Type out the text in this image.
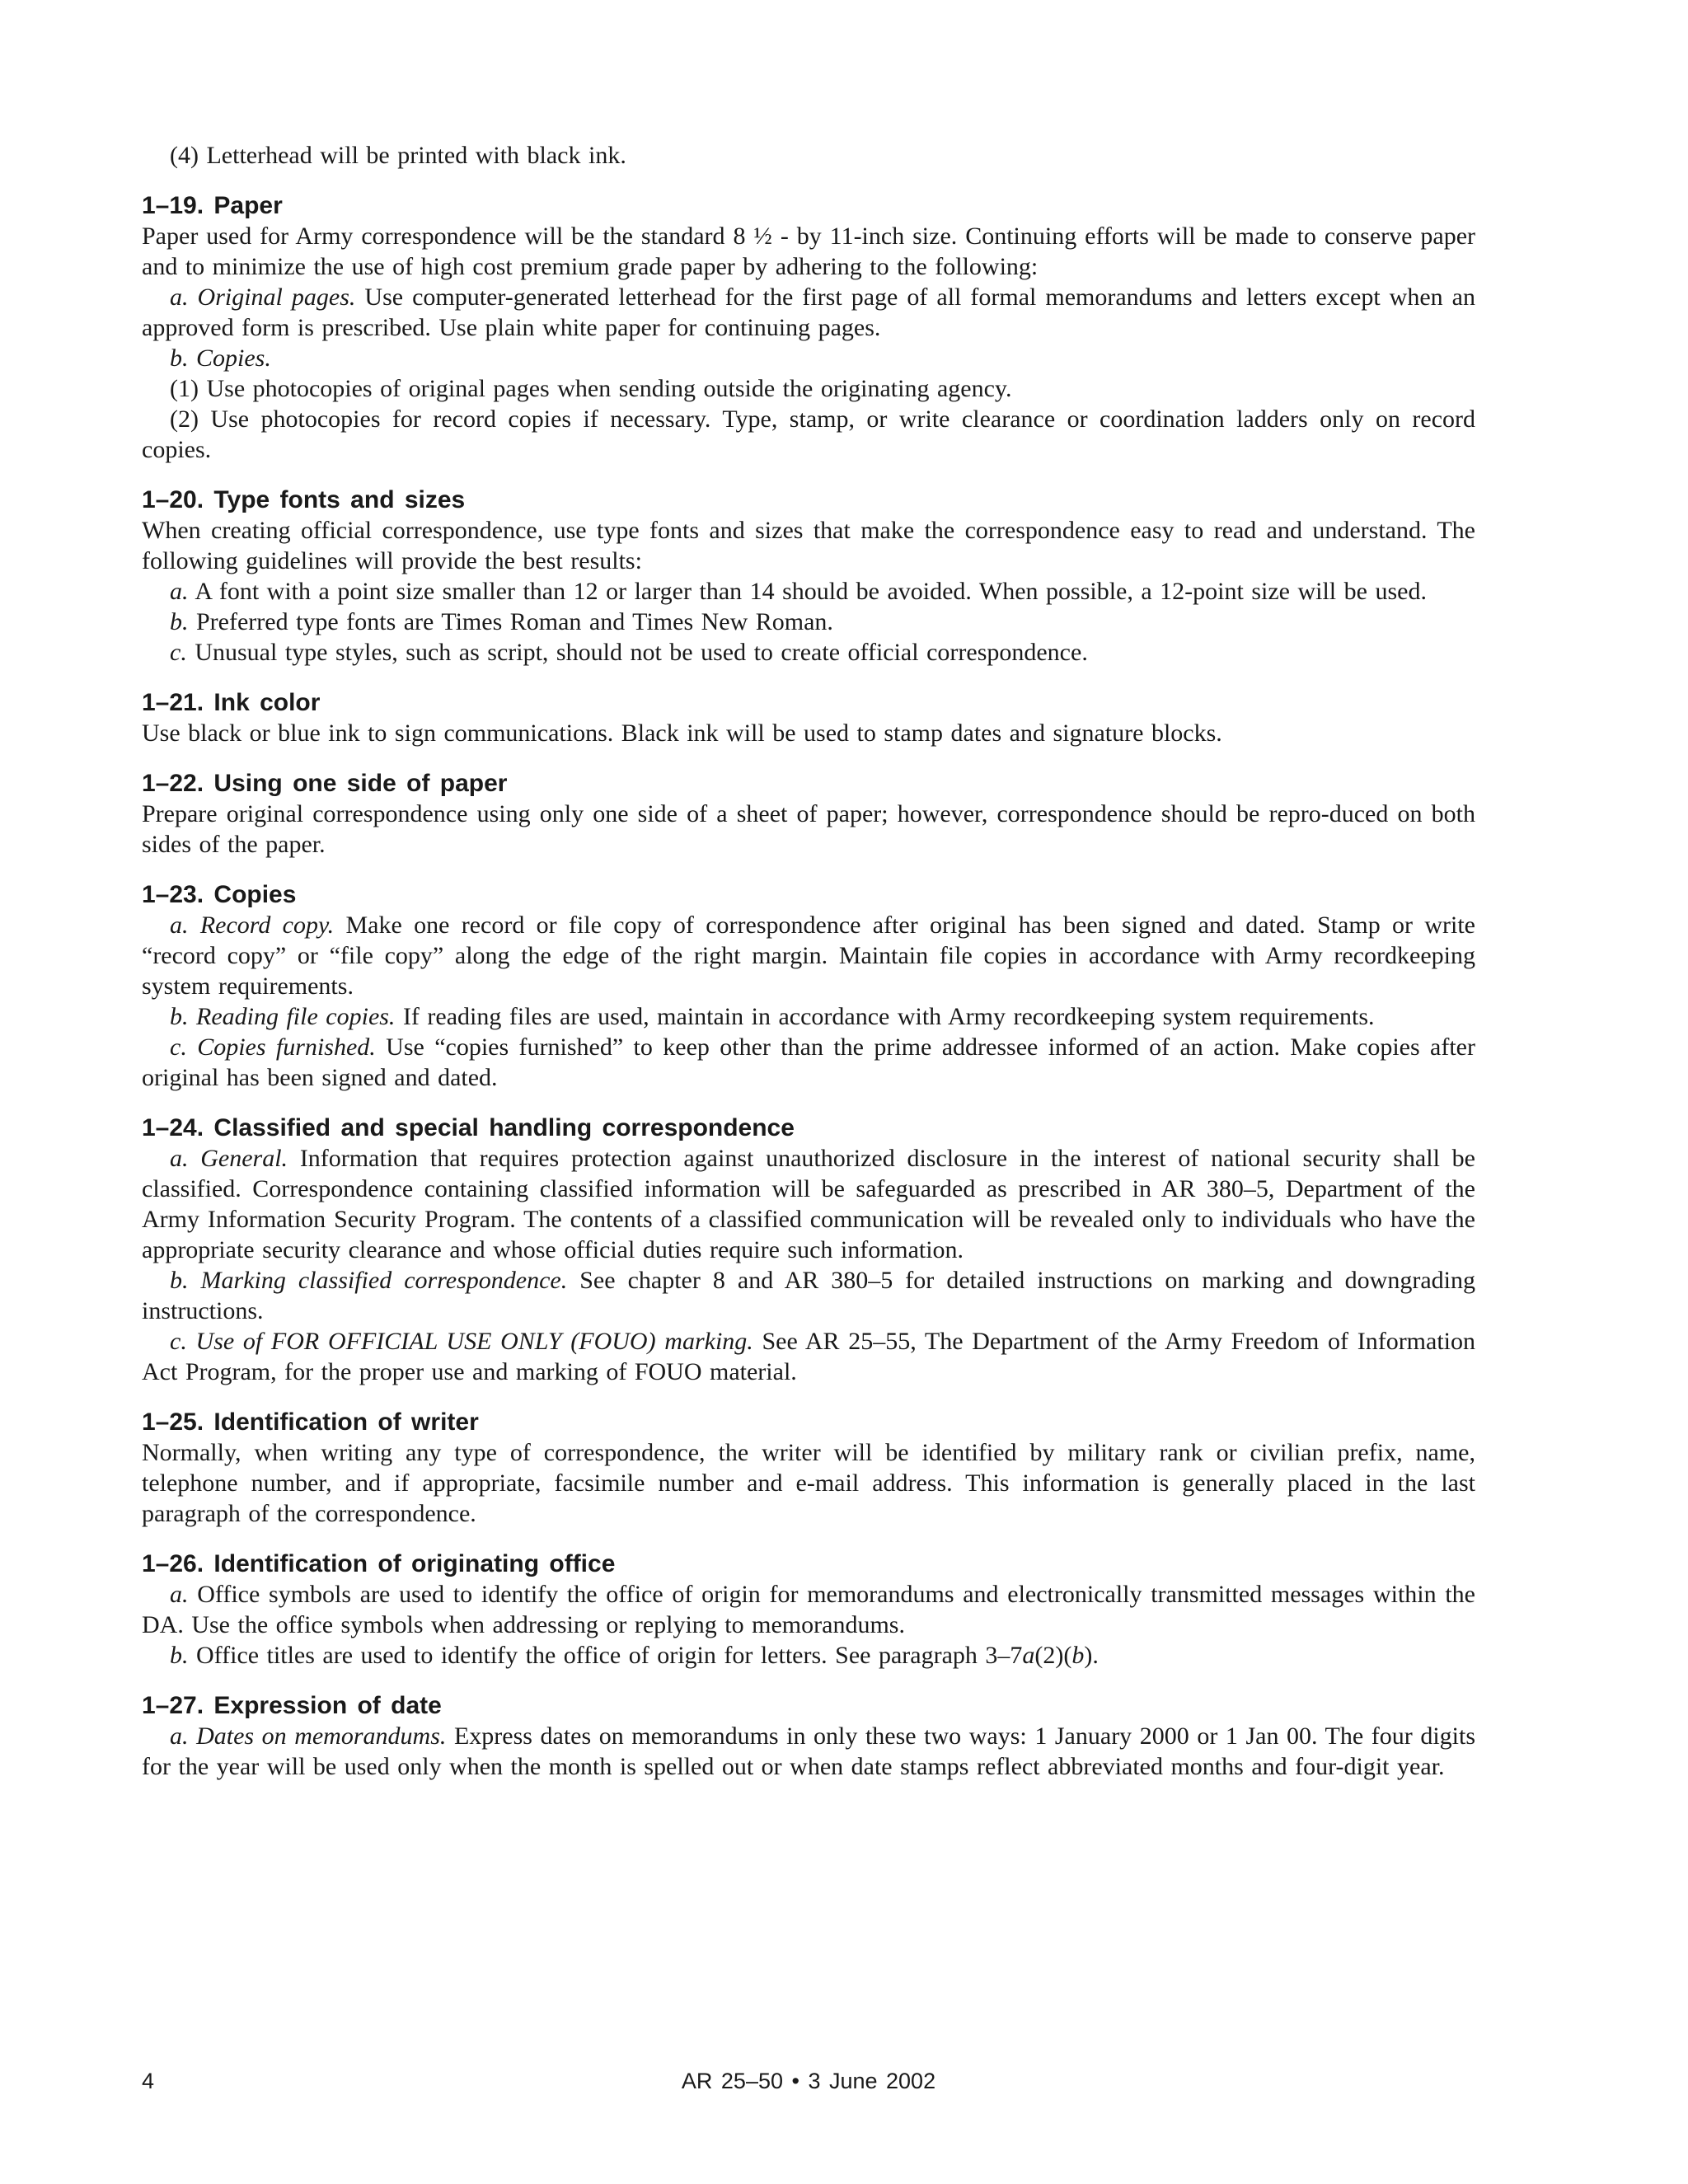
(4) Letterhead will be printed with black ink.

1–19. Paper

Paper used for Army correspondence will be the standard 8 ½ - by 11-inch size. Continuing efforts will be made to conserve paper and to minimize the use of high cost premium grade paper by adhering to the following:

a. Original pages. Use computer-generated letterhead for the first page of all formal memorandums and letters except when an approved form is prescribed. Use plain white paper for continuing pages.

b. Copies.

(1) Use photocopies of original pages when sending outside the originating agency.

(2) Use photocopies for record copies if necessary. Type, stamp, or write clearance or coordination ladders only on record copies.

1–20. Type fonts and sizes

When creating official correspondence, use type fonts and sizes that make the correspondence easy to read and understand. The following guidelines will provide the best results:

a. A font with a point size smaller than 12 or larger than 14 should be avoided. When possible, a 12-point size will be used.

b. Preferred type fonts are Times Roman and Times New Roman.

c. Unusual type styles, such as script, should not be used to create official correspondence.

1–21. Ink color

Use black or blue ink to sign communications. Black ink will be used to stamp dates and signature blocks.

1–22. Using one side of paper

Prepare original correspondence using only one side of a sheet of paper; however, correspondence should be repro-duced on both sides of the paper.

1–23. Copies

a. Record copy. Make one record or file copy of correspondence after original has been signed and dated. Stamp or write “record copy” or “file copy” along the edge of the right margin. Maintain file copies in accordance with Army recordkeeping system requirements.

b. Reading file copies. If reading files are used, maintain in accordance with Army recordkeeping system requirements.

c. Copies furnished. Use “copies furnished” to keep other than the prime addressee informed of an action. Make copies after original has been signed and dated.

1–24. Classified and special handling correspondence

a. General. Information that requires protection against unauthorized disclosure in the interest of national security shall be classified. Correspondence containing classified information will be safeguarded as prescribed in AR 380–5, Department of the Army Information Security Program. The contents of a classified communication will be revealed only to individuals who have the appropriate security clearance and whose official duties require such information.

b. Marking classified correspondence. See chapter 8 and AR 380–5 for detailed instructions on marking and downgrading instructions.

c. Use of FOR OFFICIAL USE ONLY (FOUO) marking. See AR 25–55, The Department of the Army Freedom of Information Act Program, for the proper use and marking of FOUO material.

1–25. Identification of writer

Normally, when writing any type of correspondence, the writer will be identified by military rank or civilian prefix, name, telephone number, and if appropriate, facsimile number and e-mail address. This information is generally placed in the last paragraph of the correspondence.

1–26. Identification of originating office

a. Office symbols are used to identify the office of origin for memorandums and electronically transmitted messages within the DA. Use the office symbols when addressing or replying to memorandums.

b. Office titles are used to identify the office of origin for letters. See paragraph 3–7a(2)(b).

1–27. Expression of date

a. Dates on memorandums. Express dates on memorandums in only these two ways: 1 January 2000 or 1 Jan 00. The four digits for the year will be used only when the month is spelled out or when date stamps reflect abbreviated months and four-digit year.

4	AR 25–50 • 3 June 2002
